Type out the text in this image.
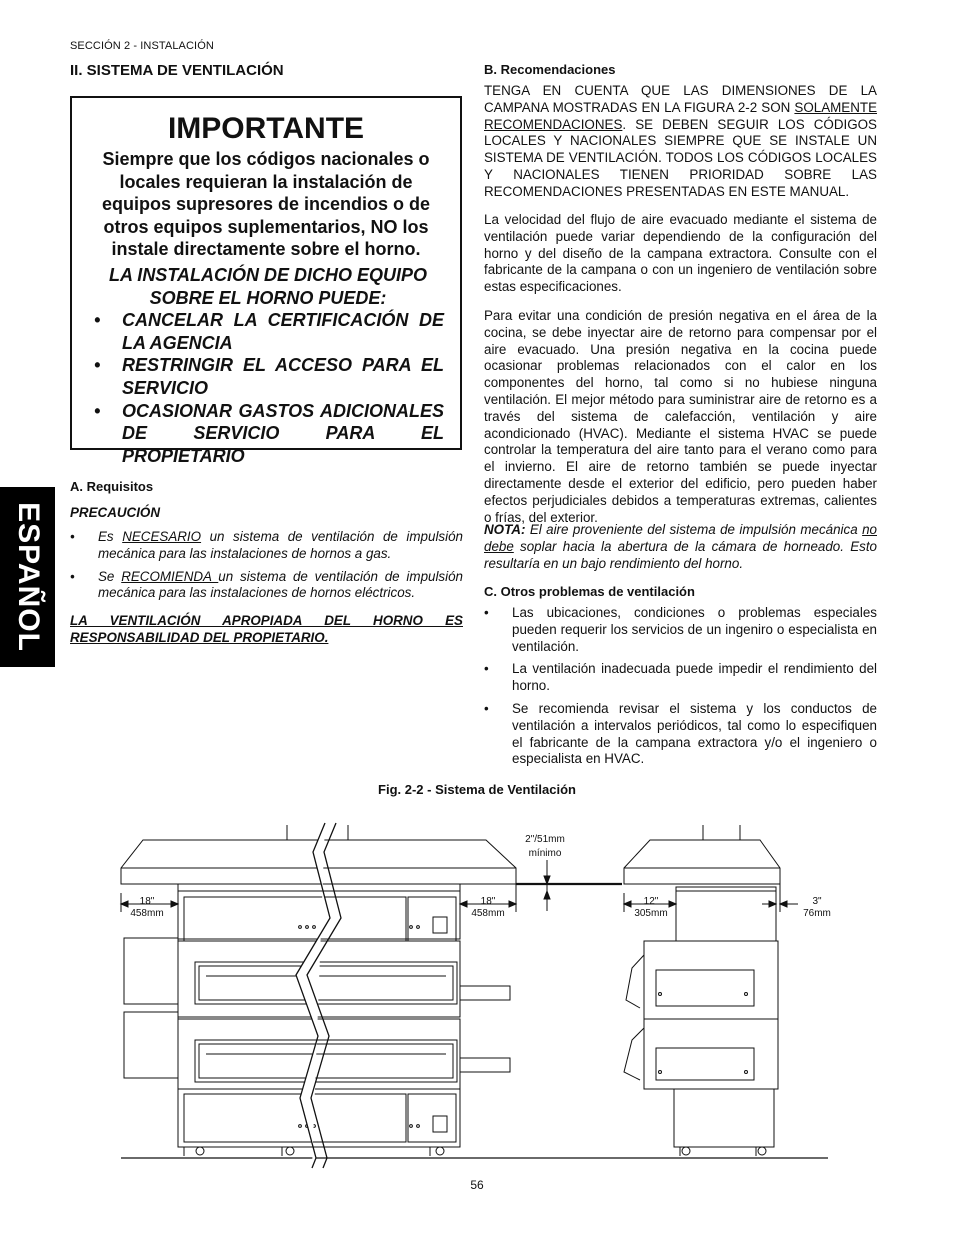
SECCIÓN 2 - INSTALACIÓN
II. SISTEMA DE VENTILACIÓN
IMPORTANTE
Siempre que los códigos nacionales o locales requieran la instalación de equipos supresores de incendios o de otros equipos suplementarios, NO los instale directamente sobre el horno.
LA INSTALACIÓN DE DICHO EQUIPO SOBRE EL HORNO PUEDE:
•	CANCELAR LA CERTIFICACIÓN DE LA AGENCIA
•	RESTRINGIR EL ACCESO PARA EL SERVICIO
•	OCASIONAR GASTOS ADICIONALES DE SERVICIO PARA EL PROPIETARIO
ESPAÑOL
A. Requisitos
PRECAUCIÓN
•	Es NECESARIO un sistema de ventilación de impulsión mecánica para las instalaciones de hornos a gas.
•	Se RECOMIENDA un sistema de ventilación de impulsión mecánica para las instalaciones de hornos eléctricos.
LA VENTILACIÓN APROPIADA DEL HORNO ES RESPONSABILIDAD DEL PROPIETARIO.
B. Recomendaciones
TENGA EN CUENTA QUE LAS DIMENSIONES DE LA CAMPANA MOSTRADAS EN LA FIGURA 2-2 SON SOLAMENTE RECOMENDACIONES. SE DEBEN SEGUIR LOS CÓDIGOS LOCALES Y NACIONALES SIEMPRE QUE SE INSTALE UN SISTEMA DE VENTILACIÓN. TODOS LOS CÓDIGOS LOCALES Y NACIONALES TIENEN PRIORIDAD SOBRE LAS RECOMENDACIONES PRESENTADAS EN ESTE MANUAL.
La velocidad del flujo de aire evacuado mediante el sistema de ventilación puede variar dependiendo de la configuración del horno y del diseño de la campana extractora. Consulte con el fabricante de la campana o con un ingeniero de ventilación sobre estas especificaciones.
Para evitar una condición de presión negativa en el área de la cocina, se debe inyectar aire de retorno para compensar por el aire evacuado. Una presión negativa en la cocina puede ocasionar problemas relacionados con el calor en los componentes del horno, tal como si no hubiese ninguna ventilación. El mejor método para suministrar aire de retorno es a través del sistema de calefacción, ventilación y aire acondicionado (HVAC). Mediante el sistema HVAC se puede controlar la temperatura del aire tanto para el verano como para el invierno. El aire de retorno también se puede inyectar directamente desde el exterior del edificio, pero pueden haber efectos perjudiciales debidos a temperaturas extremas, calientes o frías, del exterior.
NOTA: El aire proveniente del sistema de impulsión mecánica no debe soplar hacia la abertura de la cámara de horneado. Esto resultaría en un bajo rendimiento del horno.
C. Otros problemas de ventilación
•	Las ubicaciones, condiciones o problemas especiales pueden requerir los servicios de un ingeniro o especialista en ventilación.
•	La ventilación inadecuada puede impedir el rendimiento del horno.
•	Se recomienda revisar el sistema y los conductos de ventilación a intervalos periódicos, tal como lo especifiquen el fabricante de la campana extractora y/o el ingeniero o especialista en HVAC.
Fig. 2-2 - Sistema de Ventilación
18"
458mm
18"
458mm
2"/51mm
mínimo
12"
305mm
3"
76mm
56
